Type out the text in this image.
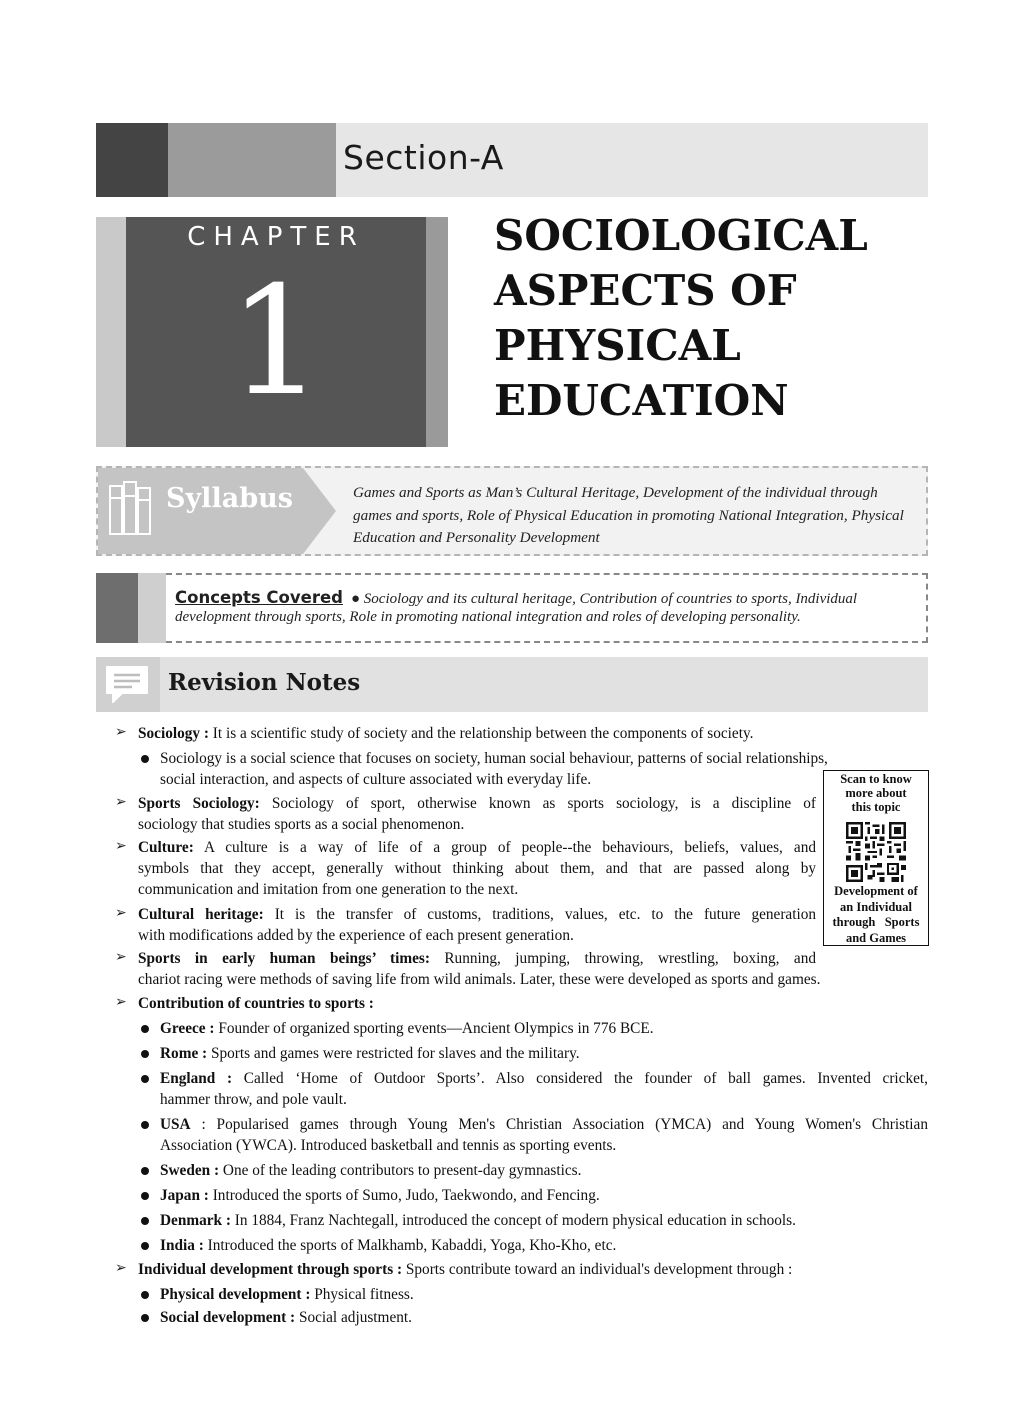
Section-A
CHAPTER
1
SOCIOLOGICAL
ASPECTS OF
PHYSICAL
EDUCATION
Syllabus	Games and Sports as Man’s Cultural Heritage, Development of the individual through
games and sports, Role of Physical Education in promoting National Integration, Physical
Education and Personality Development
Concepts Covered ● Sociology and its cultural heritage, Contribution of countries to sports, Individual
development through sports, Role in promoting national integration and roles of developing personality.
Revision Notes
Scan to know
more about
this topic
Development of
an Individual
through   Sports
and Games
➢ Sociology : It is a scientific study of society and the relationship between the components of society.
Sociology is a social science that focuses on society, human social behaviour, patterns of social relationships,
social interaction, and aspects of culture associated with everyday life.
➢ Sports Sociology: Sociology of sport, otherwise known as sports sociology, is a discipline of
sociology that studies sports as a social phenomenon.
➢ Culture: A culture is a way of life of a group of people--the behaviours, beliefs, values, and
symbols that they accept, generally without thinking about them, and that are passed along by
communication and imitation from one generation to the next.
➢ Cultural heritage: It is the transfer of customs, traditions, values, etc. to the future generation
with modifications added by the experience of each present generation.
➢ Sports in early human beings’ times: Running, jumping, throwing, wrestling, boxing, and
chariot racing were methods of saving life from wild animals. Later, these were developed as sports and games.
➢ Contribution of countries to sports :
Greece : Founder of organized sporting events—Ancient Olympics in 776 BCE.
Rome : Sports and games were restricted for slaves and the military.
England : Called ‘Home of Outdoor Sports’. Also considered the founder of ball games. Invented cricket,
hammer throw, and pole vault.
USA : Popularised games through Young Men's Christian Association (YMCA) and Young Women's Christian
Association (YWCA). Introduced basketball and tennis as sporting events.
Sweden : One of the leading contributors to present-day gymnastics.
Japan : Introduced the sports of Sumo, Judo, Taekwondo, and Fencing.
Denmark : In 1884, Franz Nachtegall, introduced the concept of modern physical education in schools.
India : Introduced the sports of Malkhamb, Kabaddi, Yoga, Kho-Kho, etc.
➢ Individual development through sports : Sports contribute toward an individual's development through :
Physical development : Physical fitness.
Social development : Social adjustment.
